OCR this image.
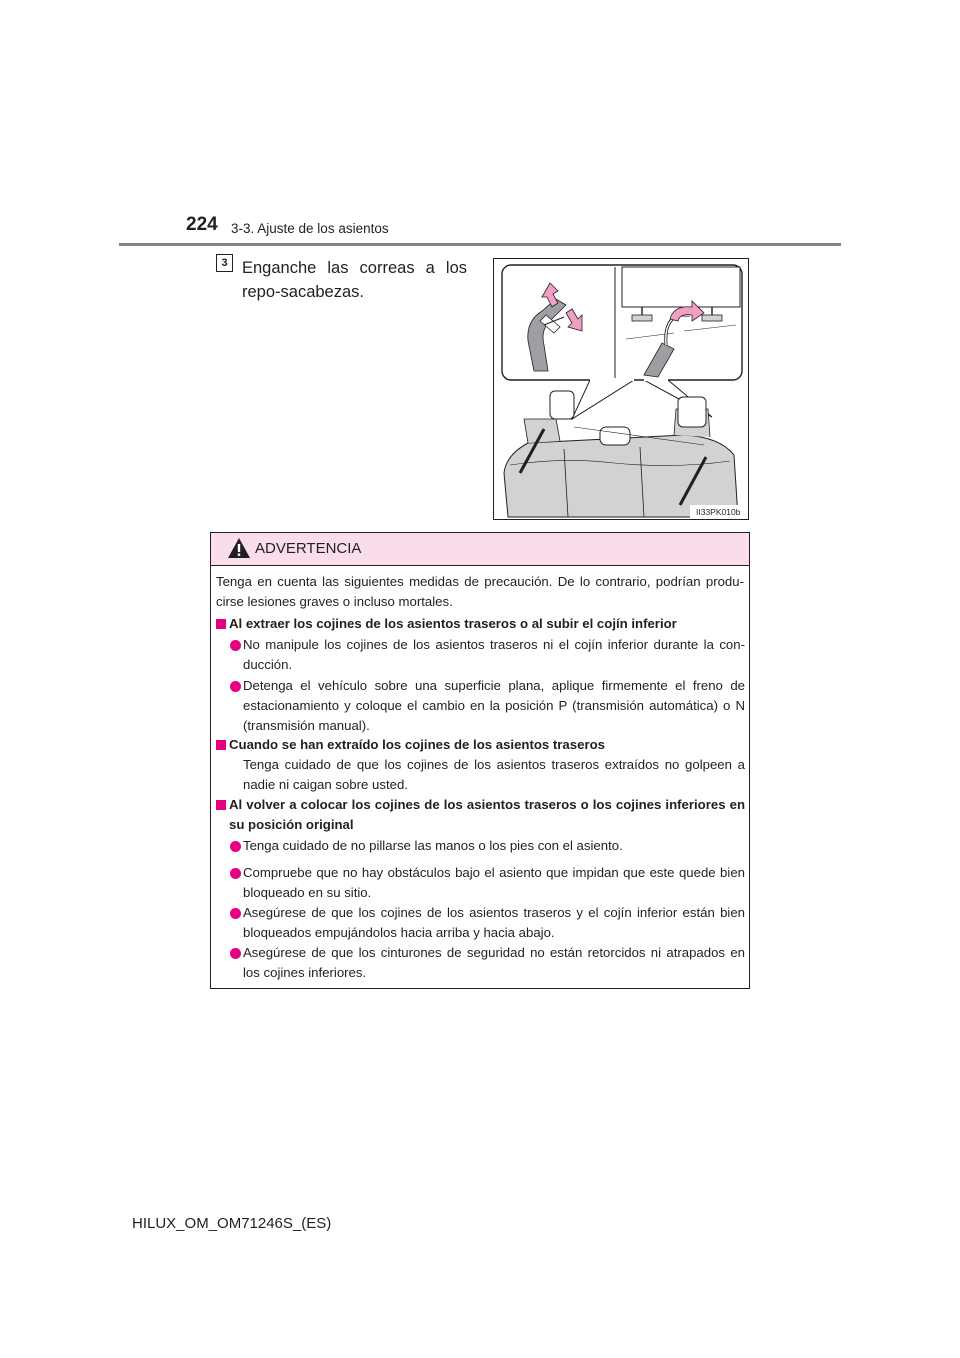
224 3-3. Ajuste de los asientos
3 Enganche las correas a los repo-sacabezas.
II33PK010b
ADVERTENCIA
Tenga en cuenta las siguientes medidas de precaución. De lo contrario, podrían produ-cirse lesiones graves o incluso mortales.
Al extraer los cojines de los asientos traseros o al subir el cojín inferior
No manipule los cojines de los asientos traseros ni el cojín inferior durante la con-ducción.
Detenga el vehículo sobre una superficie plana, aplique firmemente el freno de estacionamiento y coloque el cambio en la posición P (transmisión automática) o N (transmisión manual).
Cuando se han extraído los cojines de los asientos traseros
Tenga cuidado de que los cojines de los asientos traseros extraídos no golpeen a nadie ni caigan sobre usted.
Al volver a colocar los cojines de los asientos traseros o los cojines inferiores en su posición original
Tenga cuidado de no pillarse las manos o los pies con el asiento.
Compruebe que no hay obstáculos bajo el asiento que impidan que este quede bien bloqueado en su sitio.
Asegúrese de que los cojines de los asientos traseros y el cojín inferior están bien bloqueados empujándolos hacia arriba y hacia abajo.
Asegúrese de que los cinturones de seguridad no están retorcidos ni atrapados en los cojines inferiores.
HILUX_OM_OM71246S_(ES)
